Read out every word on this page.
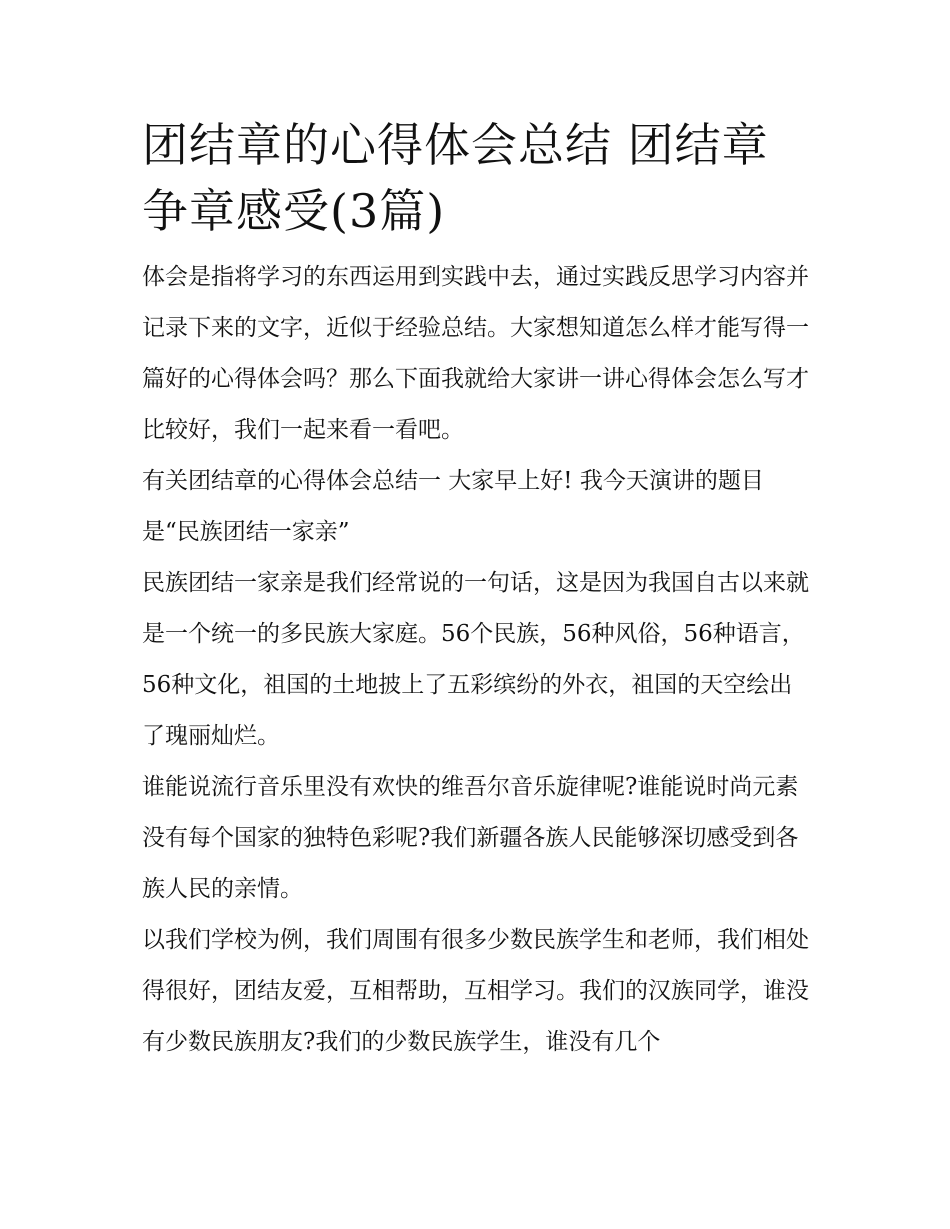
团结章的心得体会总结 团结章争章感受(3篇)

体会是指将学习的东西运用到实践中去，通过实践反思学习内容并记录下来的文字，近似于经验总结。大家想知道怎么样才能写得一篇好的心得体会吗？那么下面我就给大家讲一讲心得体会怎么写才比较好，我们一起来看一看吧。

有关团结章的心得体会总结一 大家早上好! 我今天演讲的题目是“民族团结一家亲”

民族团结一家亲是我们经常说的一句话，这是因为我国自古以来就是一个统一的多民族大家庭。56个民族，56种风俗，56种语言，56种文化，祖国的土地披上了五彩缤纷的外衣，祖国的天空绘出了瑰丽灿烂。

谁能说流行音乐里没有欢快的维吾尔音乐旋律呢?谁能说时尚元素没有每个国家的独特色彩呢?我们新疆各族人民能够深切感受到各族人民的亲情。

以我们学校为例，我们周围有很多少数民族学生和老师，我们相处得很好，团结友爱，互相帮助，互相学习。我们的汉族同学，谁没有少数民族朋友?我们的少数民族学生，谁没有几个
